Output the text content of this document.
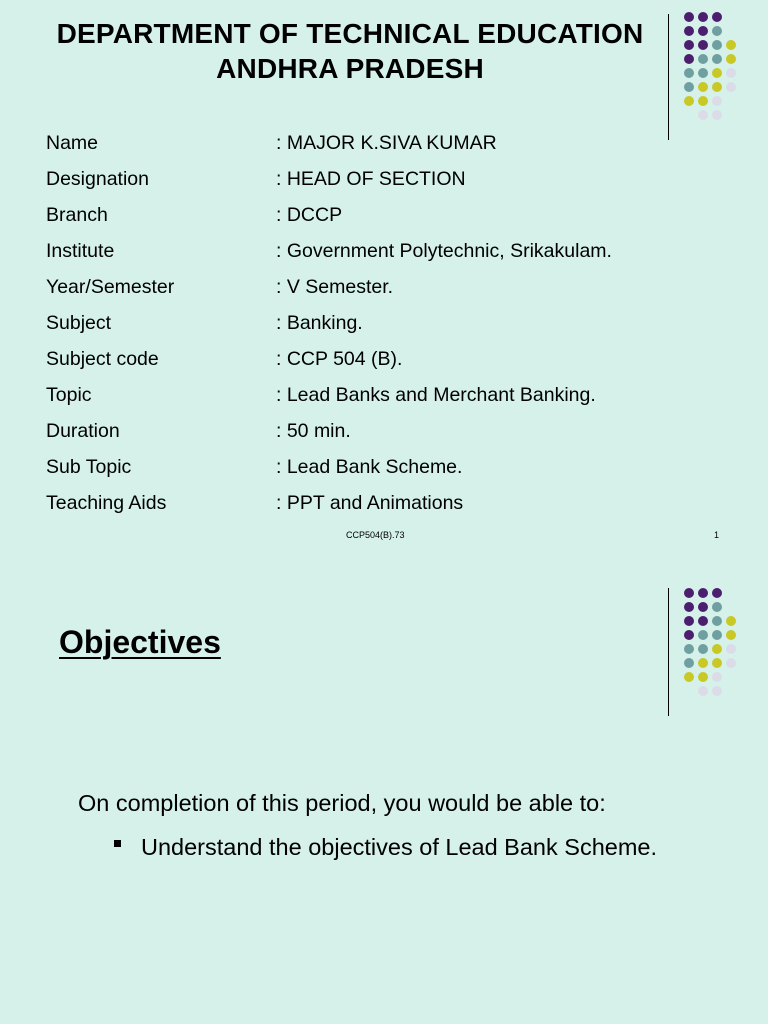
DEPARTMENT OF TECHNICAL EDUCATION
ANDHRA PRADESH
Name	: MAJOR K.SIVA KUMAR
Designation	: HEAD OF SECTION
Branch	: DCCP
Institute	: Government Polytechnic, Srikakulam.
Year/Semester	: V Semester.
Subject	: Banking.
Subject code	: CCP 504 (B).
Topic	: Lead Banks and Merchant Banking.
Duration	: 50 min.
Sub Topic	: Lead Bank Scheme.
Teaching Aids	: PPT and Animations
CCP504(B).73	1
Objectives
On completion of this period, you would be able to:
Understand the objectives of Lead Bank Scheme.
